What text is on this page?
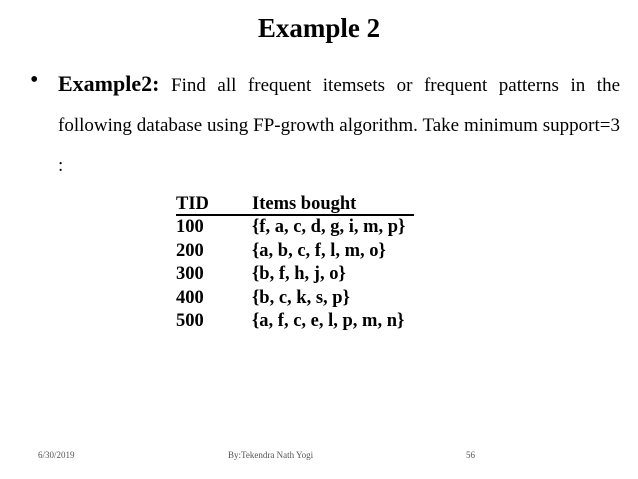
Example 2
• Example2: Find all frequent itemsets or frequent patterns in the following database using FP-growth algorithm. Take minimum support=3 :
TID	Items bought
100	{f, a, c, d, g, i, m, p}
200	{a, b, c, f, l, m, o}
300	{b, f, h, j, o}
400	{b, c, k, s, p}
500	{a, f, c, e, l, p, m, n}
6/30/2019	By:Tekendra Nath Yogi	56
